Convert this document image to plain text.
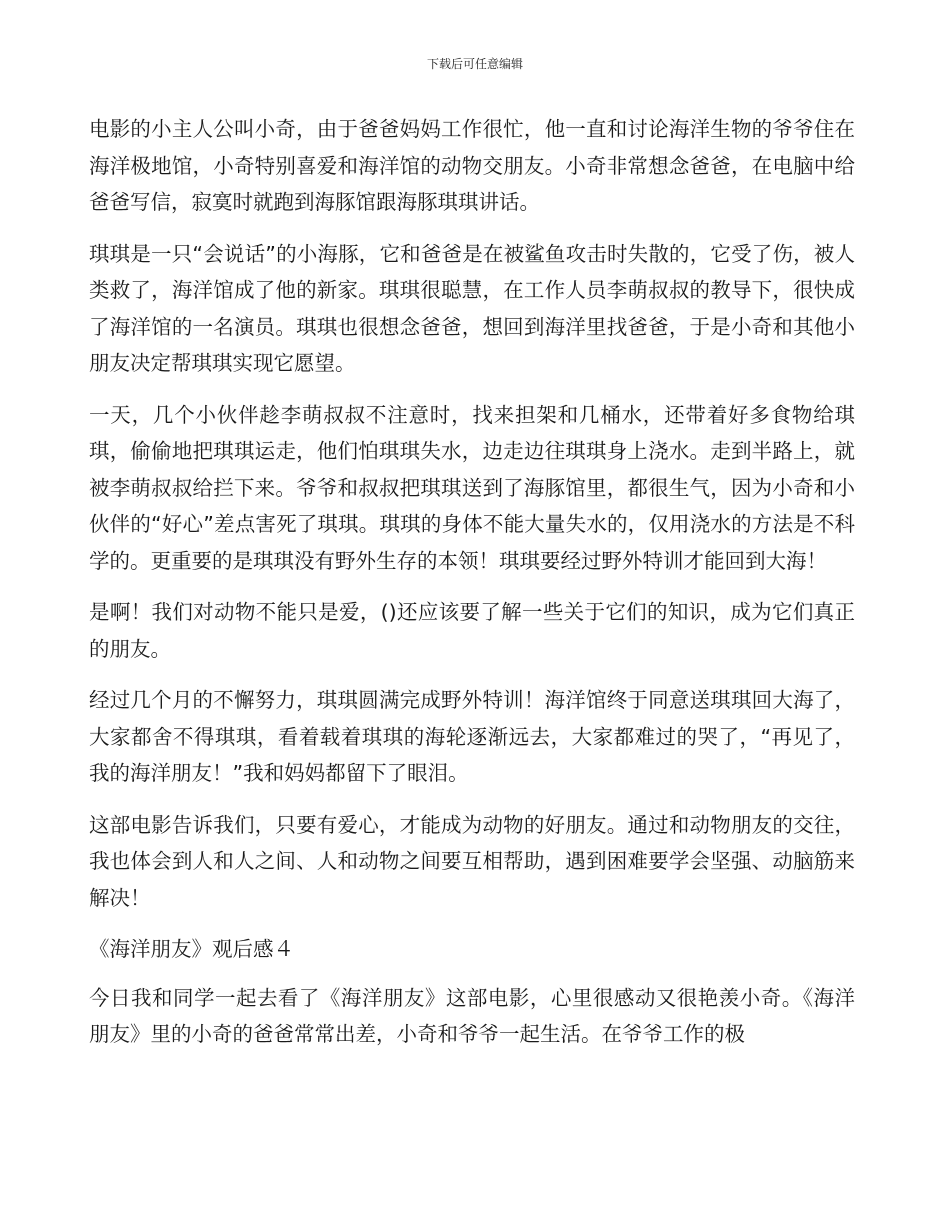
下载后可任意编辑

电影的小主人公叫小奇，由于爸爸妈妈工作很忙，他一直和讨论海洋生物的爷爷住在海洋极地馆，小奇特别喜爱和海洋馆的动物交朋友。小奇非常想念爸爸，在电脑中给爸爸写信，寂寞时就跑到海豚馆跟海豚琪琪讲话。

琪琪是一只“会说话”的小海豚，它和爸爸是在被鲨鱼攻击时失散的，它受了伤，被人类救了，海洋馆成了他的新家。琪琪很聪慧，在工作人员李萌叔叔的教导下，很快成了海洋馆的一名演员。琪琪也很想念爸爸，想回到海洋里找爸爸，于是小奇和其他小朋友决定帮琪琪实现它愿望。

一天，几个小伙伴趁李萌叔叔不注意时，找来担架和几桶水，还带着好多食物给琪琪，偷偷地把琪琪运走，他们怕琪琪失水，边走边往琪琪身上浇水。走到半路上，就被李萌叔叔给拦下来。爷爷和叔叔把琪琪送到了海豚馆里，都很生气，因为小奇和小伙伴的“好心”差点害死了琪琪。琪琪的身体不能大量失水的，仅用浇水的方法是不科学的。更重要的是琪琪没有野外生存的本领！琪琪要经过野外特训才能回到大海！

是啊！我们对动物不能只是爱，()还应该要了解一些关于它们的知识，成为它们真正的朋友。

经过几个月的不懈努力，琪琪圆满完成野外特训！海洋馆终于同意送琪琪回大海了，大家都舍不得琪琪，看着载着琪琪的海轮逐渐远去，大家都难过的哭了，“再见了，我的海洋朋友！”我和妈妈都留下了眼泪。

这部电影告诉我们，只要有爱心，才能成为动物的好朋友。通过和动物朋友的交往，我也体会到人和人之间、人和动物之间要互相帮助，遇到困难要学会坚强、动脑筋来解决！

《海洋朋友》观后感４

今日我和同学一起去看了《海洋朋友》这部电影，心里很感动又很艳羡小奇。《海洋朋友》里的小奇的爸爸常常出差，小奇和爷爷一起生活。在爷爷工作的极
